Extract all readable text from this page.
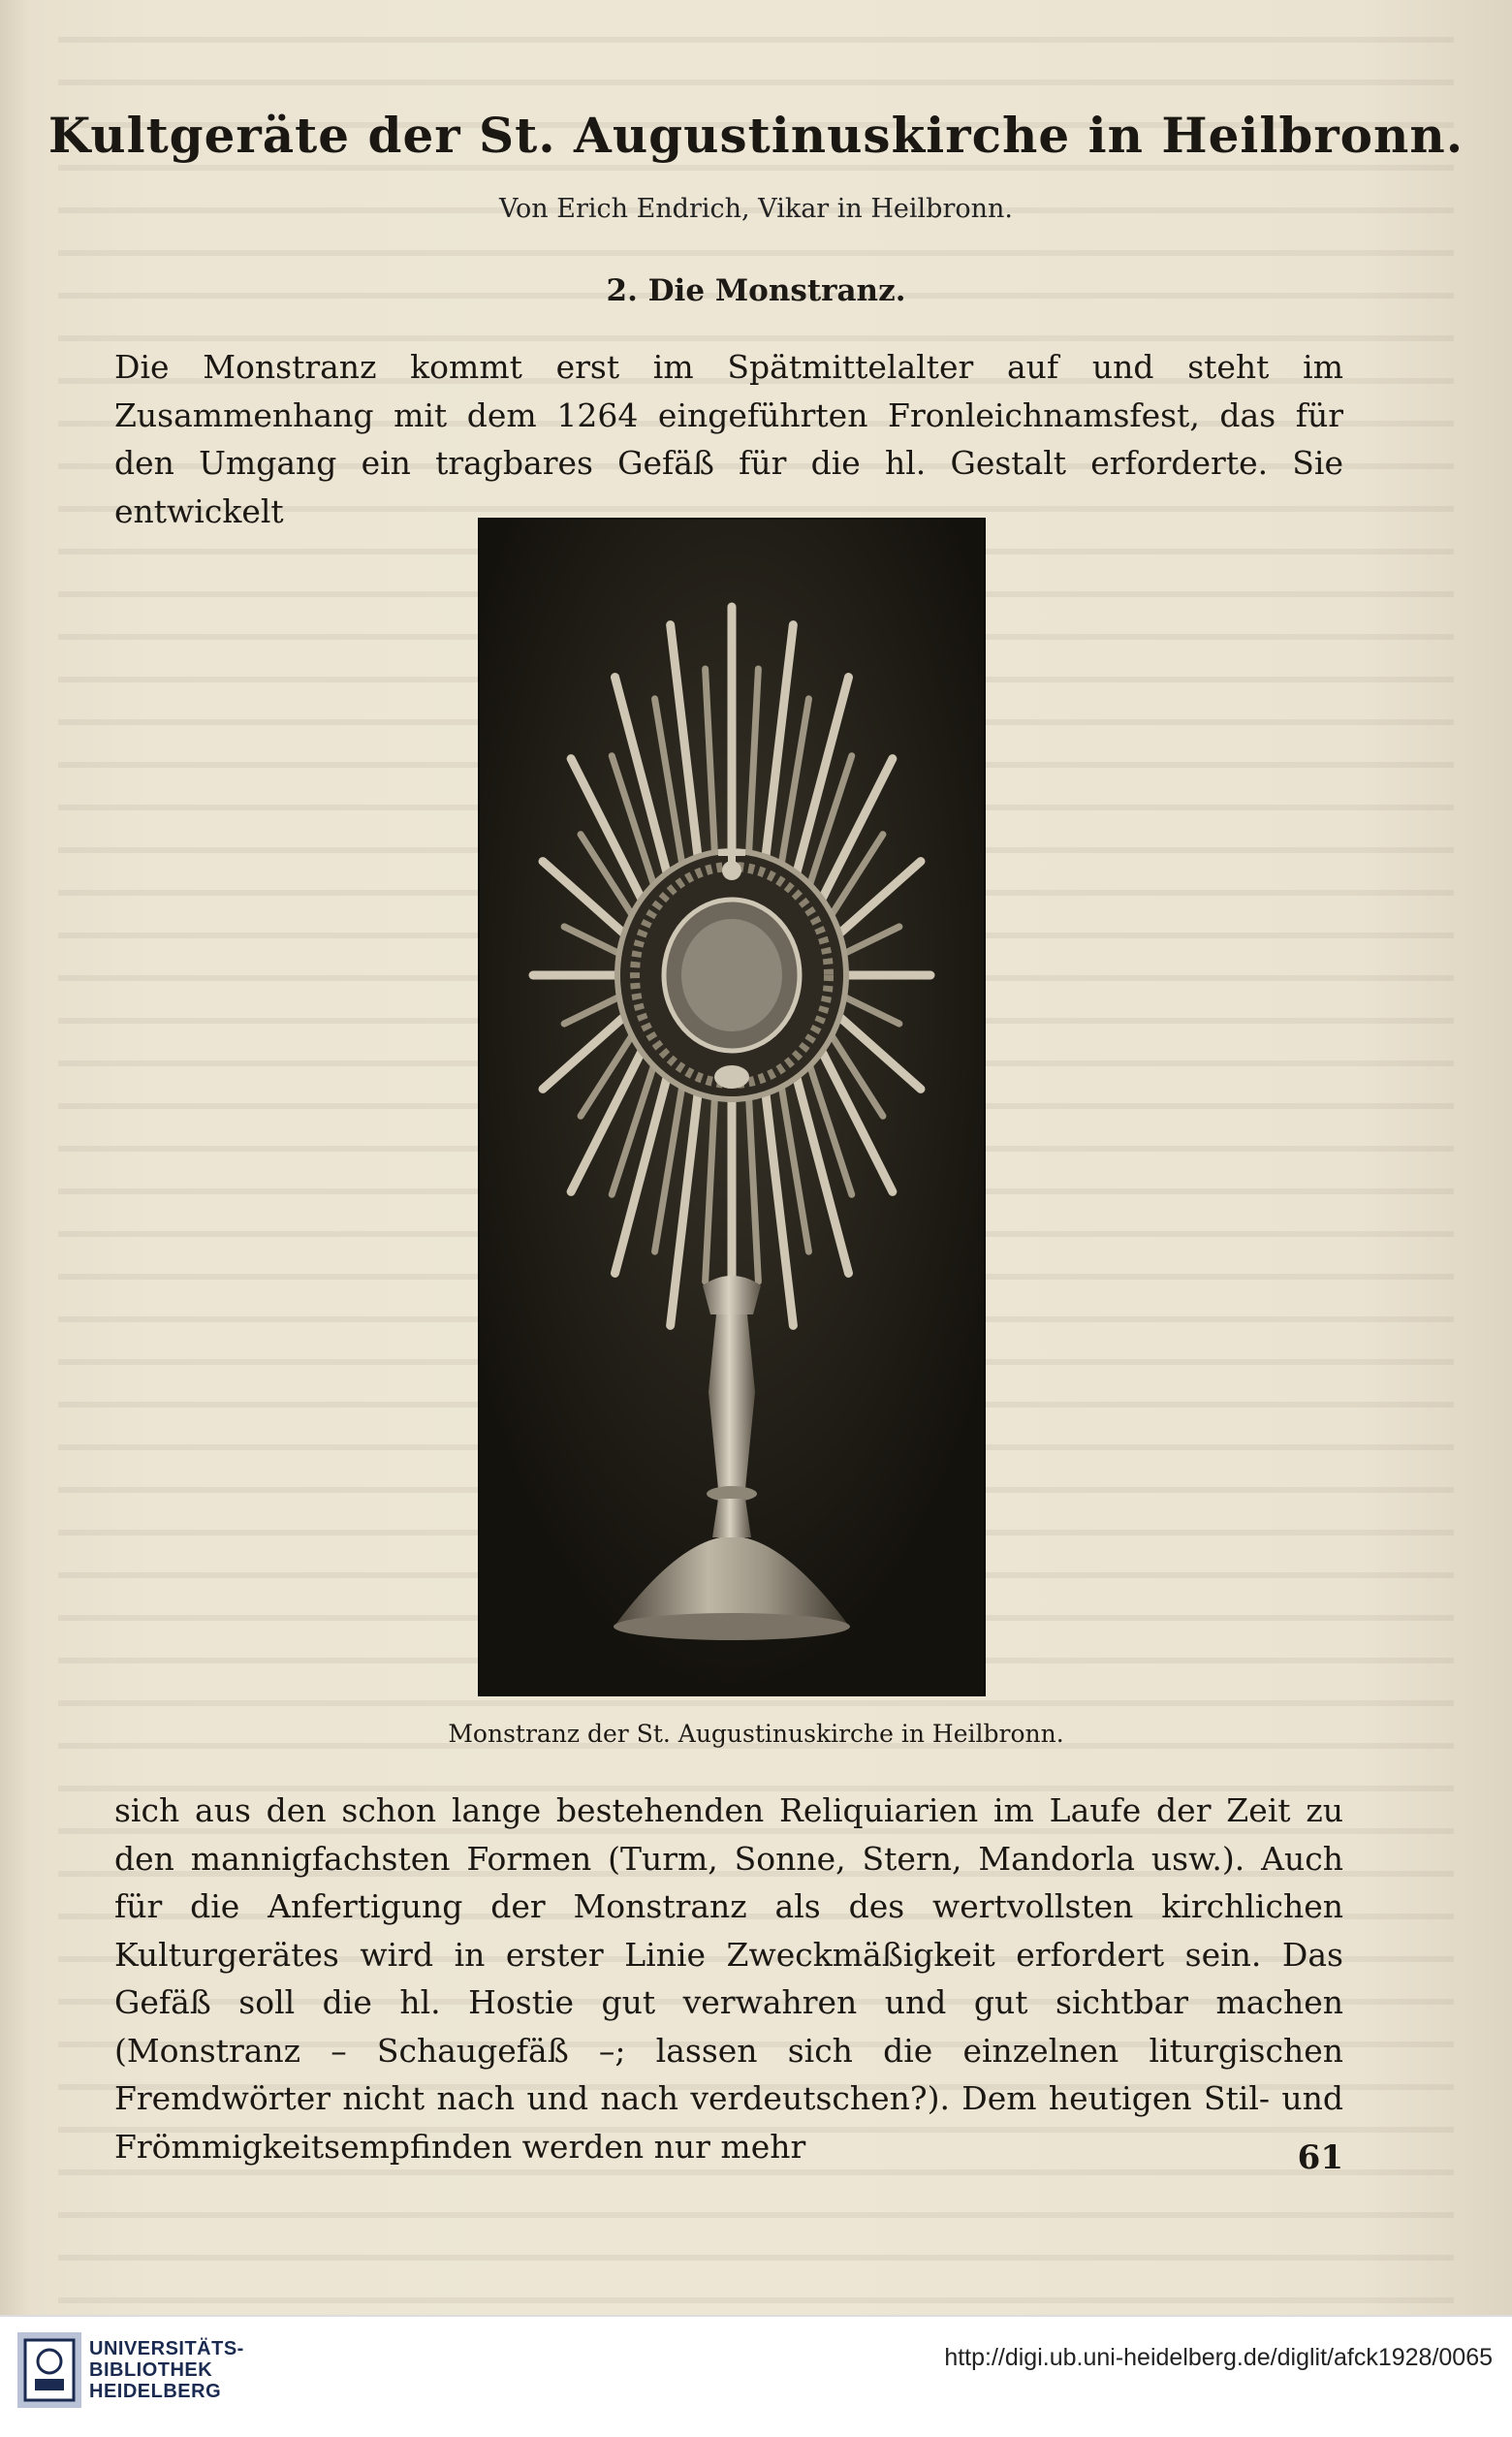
Kultgeräte der St. Augustinuskirche in Heilbronn.
Von Erich Endrich, Vikar in Heilbronn.
2. Die Monstranz.

Die Monstranz kommt erst im Spätmittelalter auf und steht im Zusammenhang mit dem 1264 eingeführten Fronleichnamsfest, das für den Umgang ein tragbares Gefäß für die hl. Gestalt erforderte. Sie entwickelt

Monstranz der St. Augustinuskirche in Heilbronn.

sich aus den schon lange bestehenden Reliquiarien im Laufe der Zeit zu den mannigfachsten Formen (Turm, Sonne, Stern, Mandorla usw.). Auch für die Anfertigung der Monstranz als des wertvollsten kirchlichen Kulturgerätes wird in erster Linie Zweckmäßigkeit erfordert sein. Das Gefäß soll die hl. Hostie gut verwahren und gut sichtbar machen (Monstranz – Schaugefäß –; lassen sich die einzelnen liturgischen Fremdwörter nicht nach und nach verdeutschen?). Dem heutigen Stil- und Frömmigkeitsempfinden werden nur mehr	61
UNIVERSITÄTS-
BIBLIOTHEK
HEIDELBERG
http://digi.ub.uni-heidelberg.de/diglit/afck1928/0065
